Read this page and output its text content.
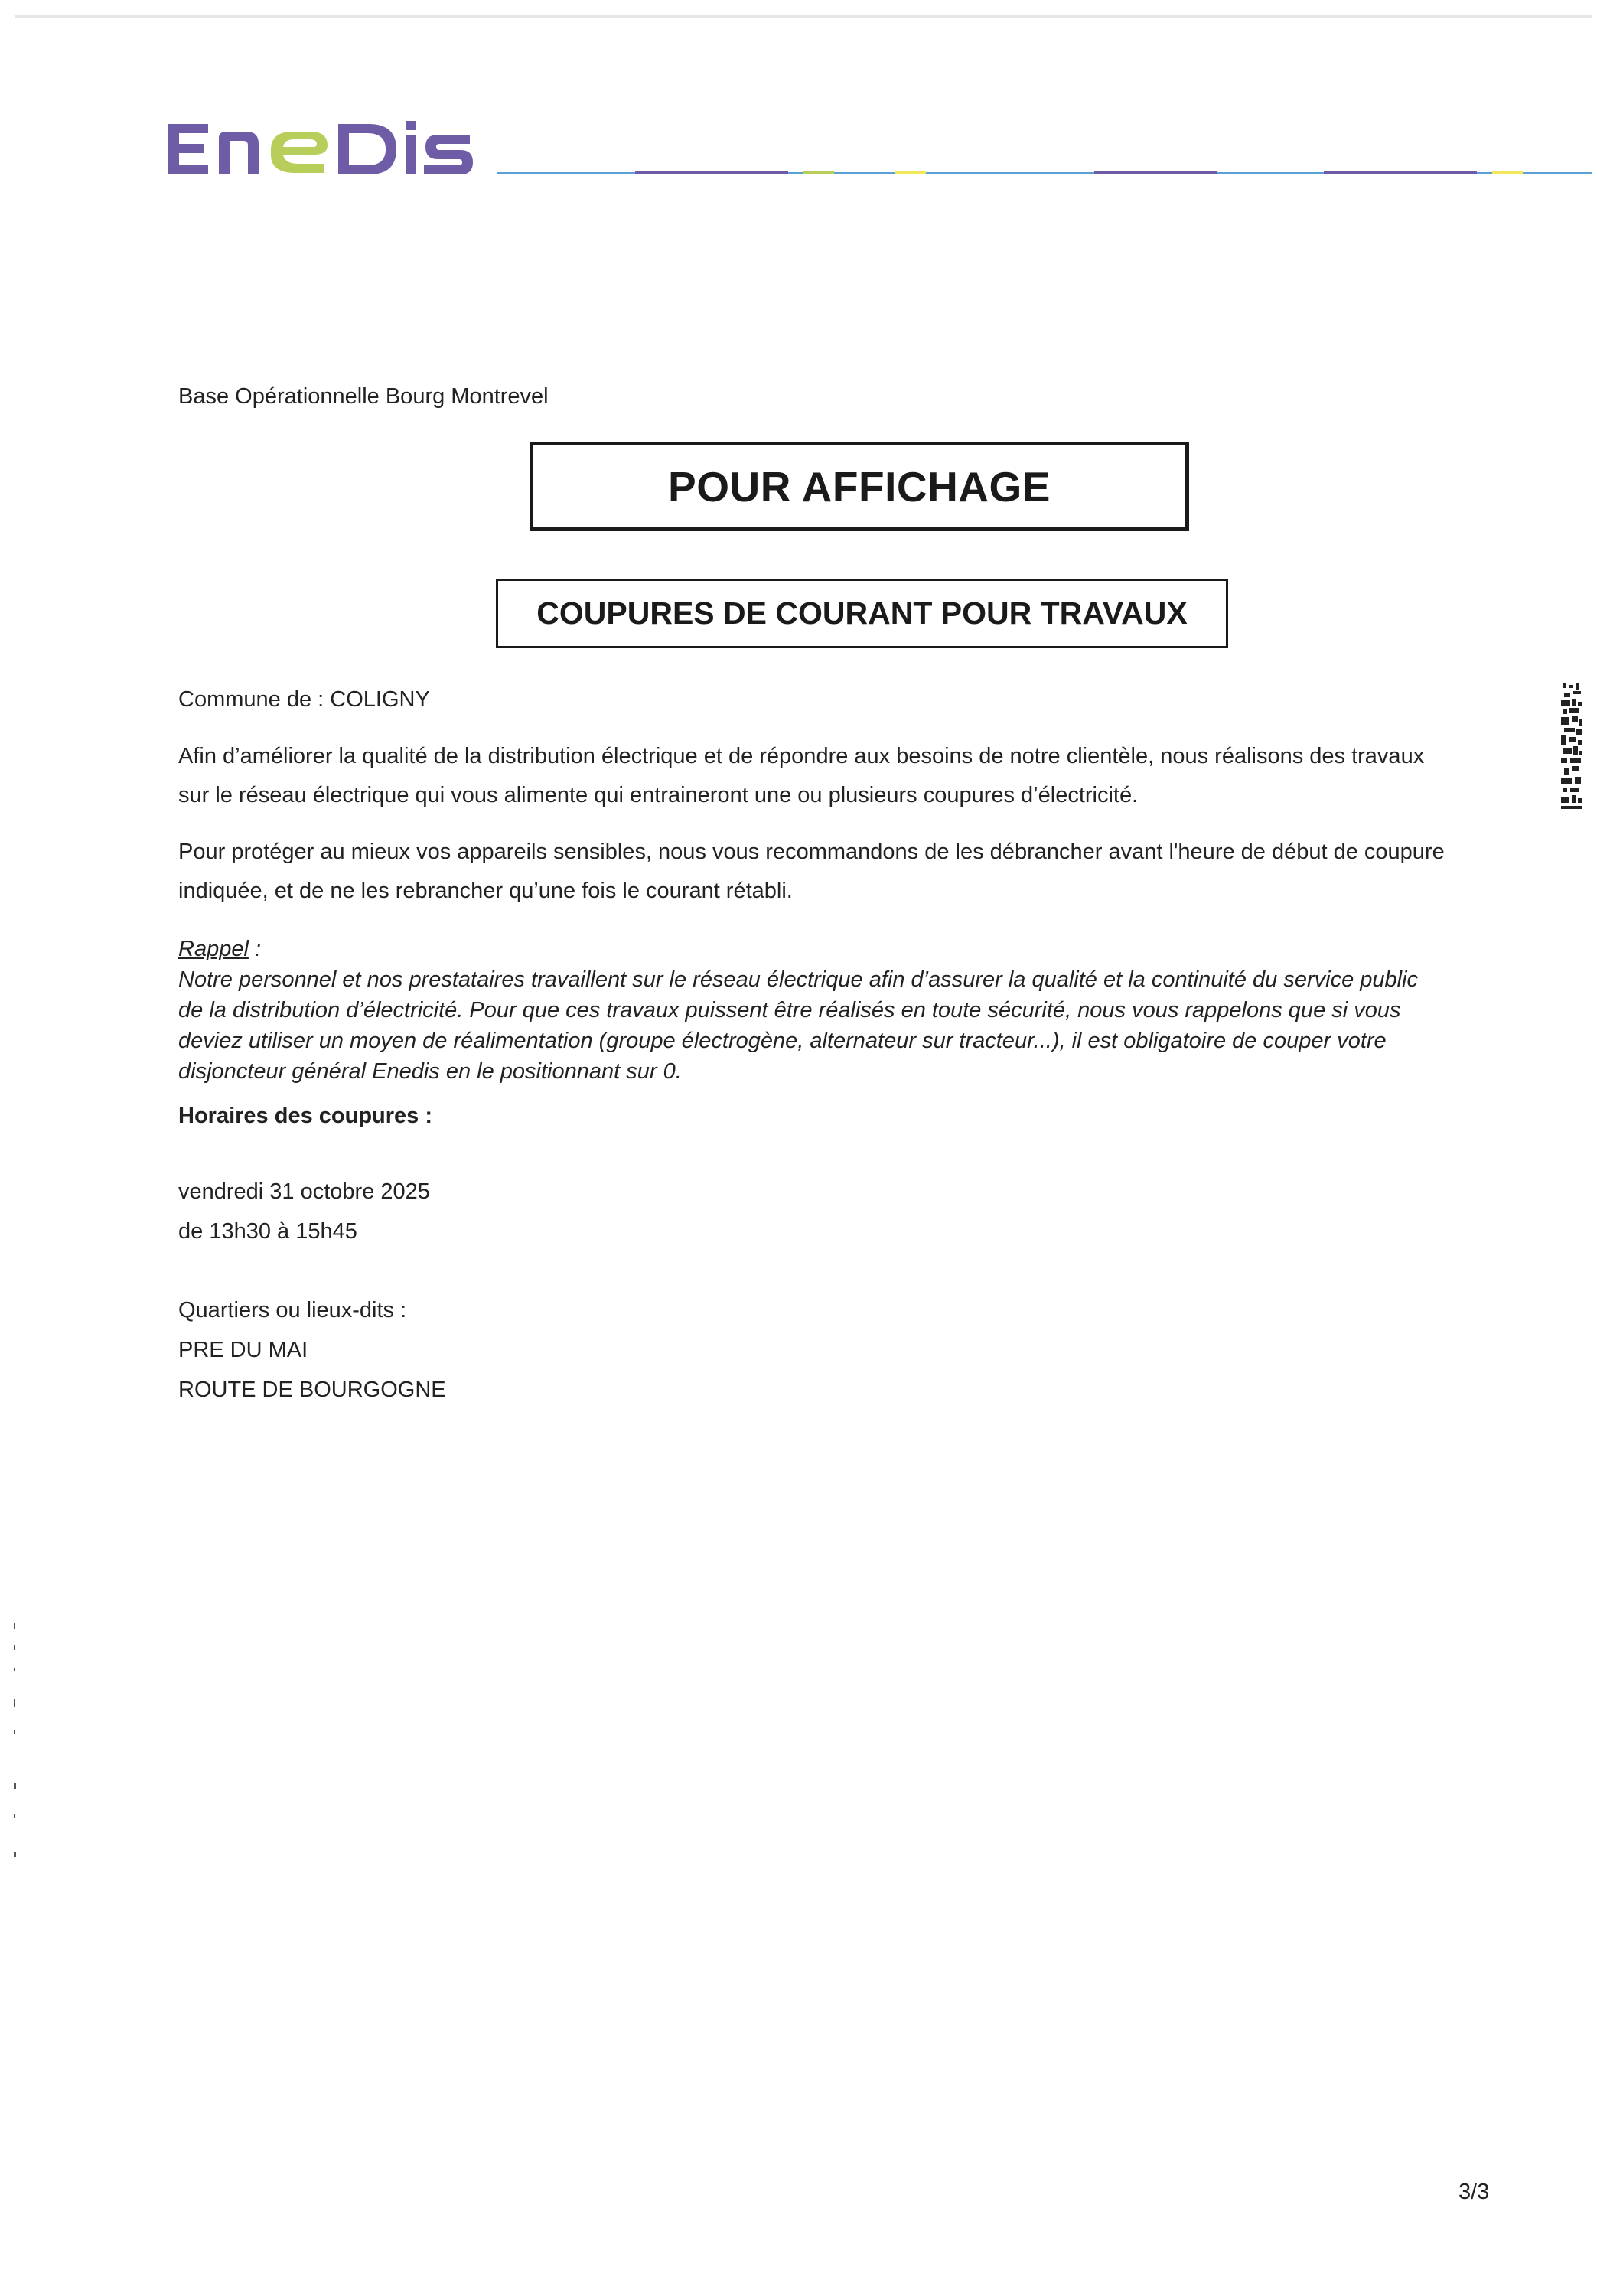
Base Opérationnelle Bourg Montrevel
POUR AFFICHAGE
COUPURES DE COURANT POUR TRAVAUX
Commune de : COLIGNY
Afin d’améliorer la qualité de la distribution électrique et de répondre aux besoins de notre clientèle, nous réalisons des travaux
sur le réseau électrique qui vous alimente qui entraineront une ou plusieurs coupures d’électricité.
Pour protéger au mieux vos appareils sensibles, nous vous recommandons de les débrancher avant l'heure de début de coupure
indiquée, et de ne les rebrancher qu’une fois le courant rétabli.
Rappel :
Notre personnel et nos prestataires travaillent sur le réseau électrique afin d’assurer la qualité et la continuité du service public
de la distribution d’électricité. Pour que ces travaux puissent être réalisés en toute sécurité, nous vous rappelons que si vous
deviez utiliser un moyen de réalimentation (groupe électrogène, alternateur sur tracteur...), il est obligatoire de couper votre
disjoncteur général Enedis en le positionnant sur 0.
Horaires des coupures :
vendredi 31 octobre 2025
de 13h30 à 15h45
Quartiers ou lieux-dits :
PRE DU MAI
ROUTE DE BOURGOGNE
3/3
